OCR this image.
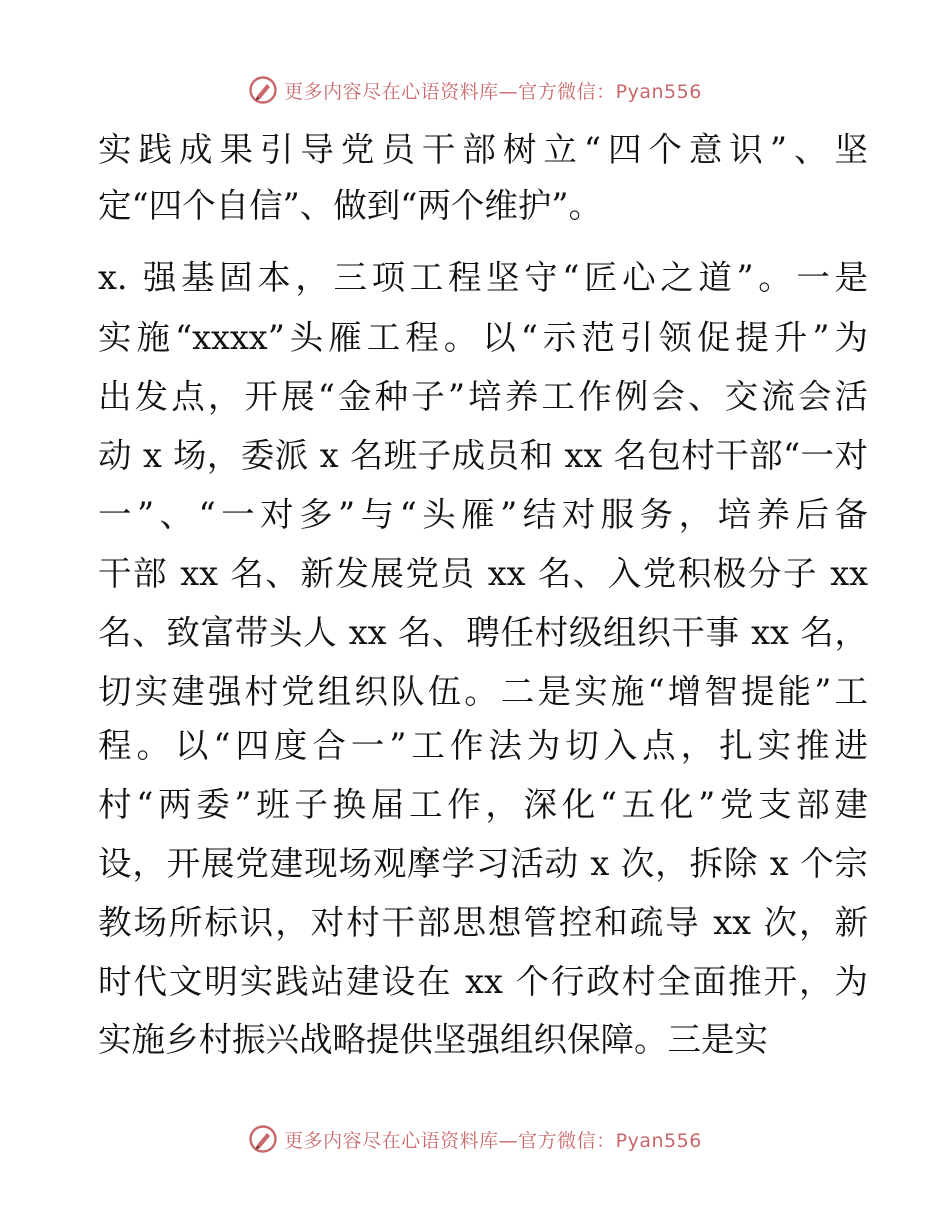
更多内容尽在心语资料库—官方微信：Pyan556
实践成果引导党员干部树立“四个意识”、坚
定“四个自信”、做到“两个维护”。
x. 强基固本，三项工程坚守“匠心之道”。一是
实施“xxxx”头雁工程。以“示范引领促提升”为
出发点，开展“金种子”培养工作例会、交流会活
动 x 场，委派 x 名班子成员和 xx 名包村干部“一对
一”、“一对多”与“头雁”结对服务，培养后备
干部 xx 名、新发展党员 xx 名、入党积极分子 xx
名、致富带头人 xx 名、聘任村级组织干事 xx 名，
切实建强村党组织队伍。二是实施“增智提能”工
程。以“四度合一”工作法为切入点，扎实推进
村“两委”班子换届工作，深化“五化”党支部建
设，开展党建现场观摩学习活动 x 次，拆除 x 个宗
教场所标识，对村干部思想管控和疏导 xx 次，新
时代文明实践站建设在 xx 个行政村全面推开，为
实施乡村振兴战略提供坚强组织保障。三是实
更多内容尽在心语资料库—官方微信：Pyan556
